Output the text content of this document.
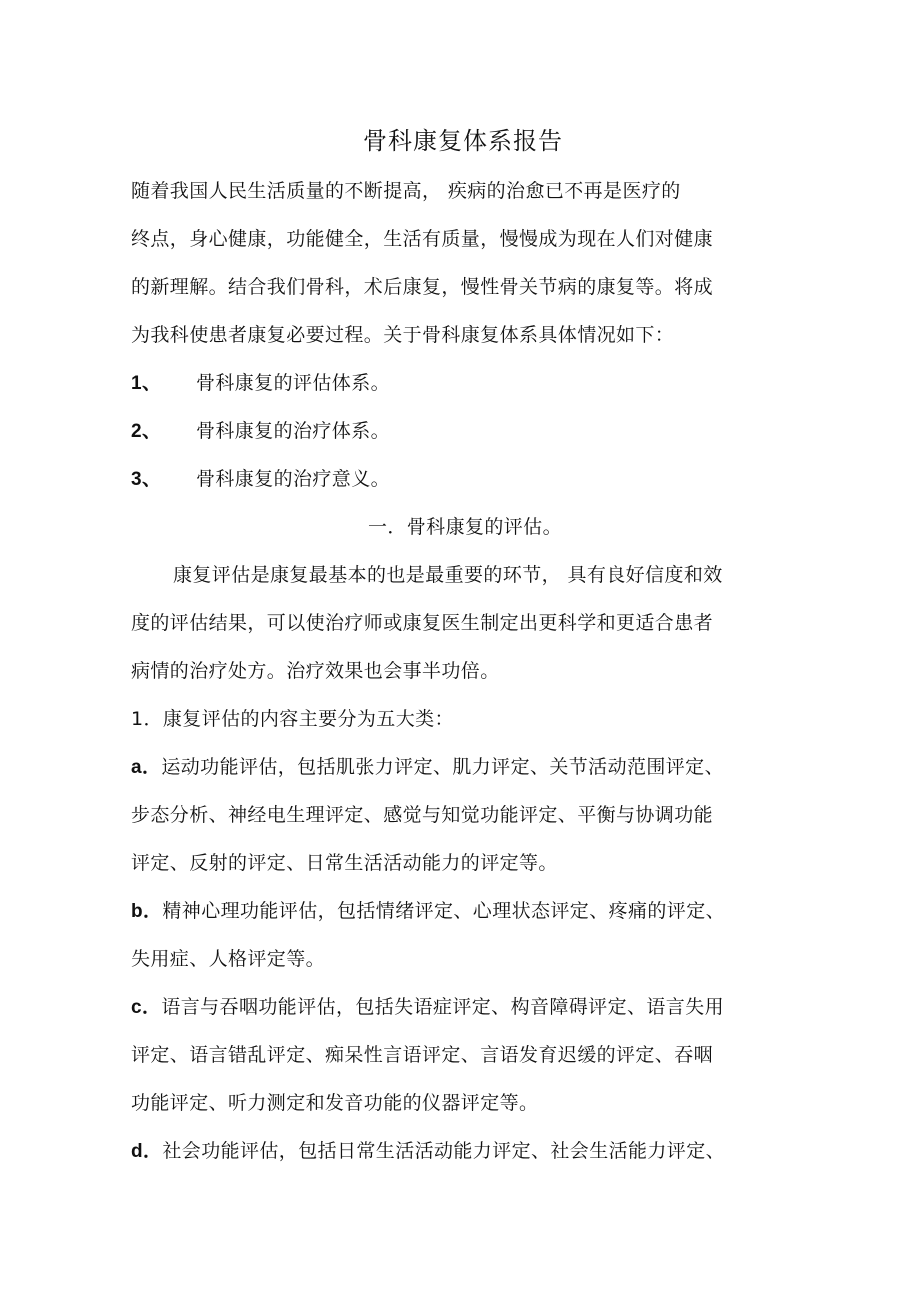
骨科康复体系报告
随着我国人民生活质量的不断提高， 疾病的治愈已不再是医疗的
终点，身心健康，功能健全，生活有质量，慢慢成为现在人们对健康
的新理解。结合我们骨科，术后康复，慢性骨关节病的康复等。将成
为我科使患者康复必要过程。关于骨科康复体系具体情况如下：
1、 骨科康复的评估体系。
2、 骨科康复的治疗体系。
3、 骨科康复的治疗意义。
一．骨科康复的评估。
康复评估是康复最基本的也是最重要的环节， 具有良好信度和效
度的评估结果，可以使治疗师或康复医生制定出更科学和更适合患者
病情的治疗处方。治疗效果也会事半功倍。
1．康复评估的内容主要分为五大类：
a．运动功能评估，包括肌张力评定、肌力评定、关节活动范围评定、
步态分析、神经电生理评定、感觉与知觉功能评定、平衡与协调功能
评定、反射的评定、日常生活活动能力的评定等。
b．精神心理功能评估，包括情绪评定、心理状态评定、疼痛的评定、
失用症、人格评定等。
c．语言与吞咽功能评估，包括失语症评定、构音障碍评定、语言失用
评定、语言错乱评定、痴呆性言语评定、言语发育迟缓的评定、吞咽
功能评定、听力测定和发音功能的仪器评定等。
d．社会功能评估，包括日常生活活动能力评定、社会生活能力评定、
